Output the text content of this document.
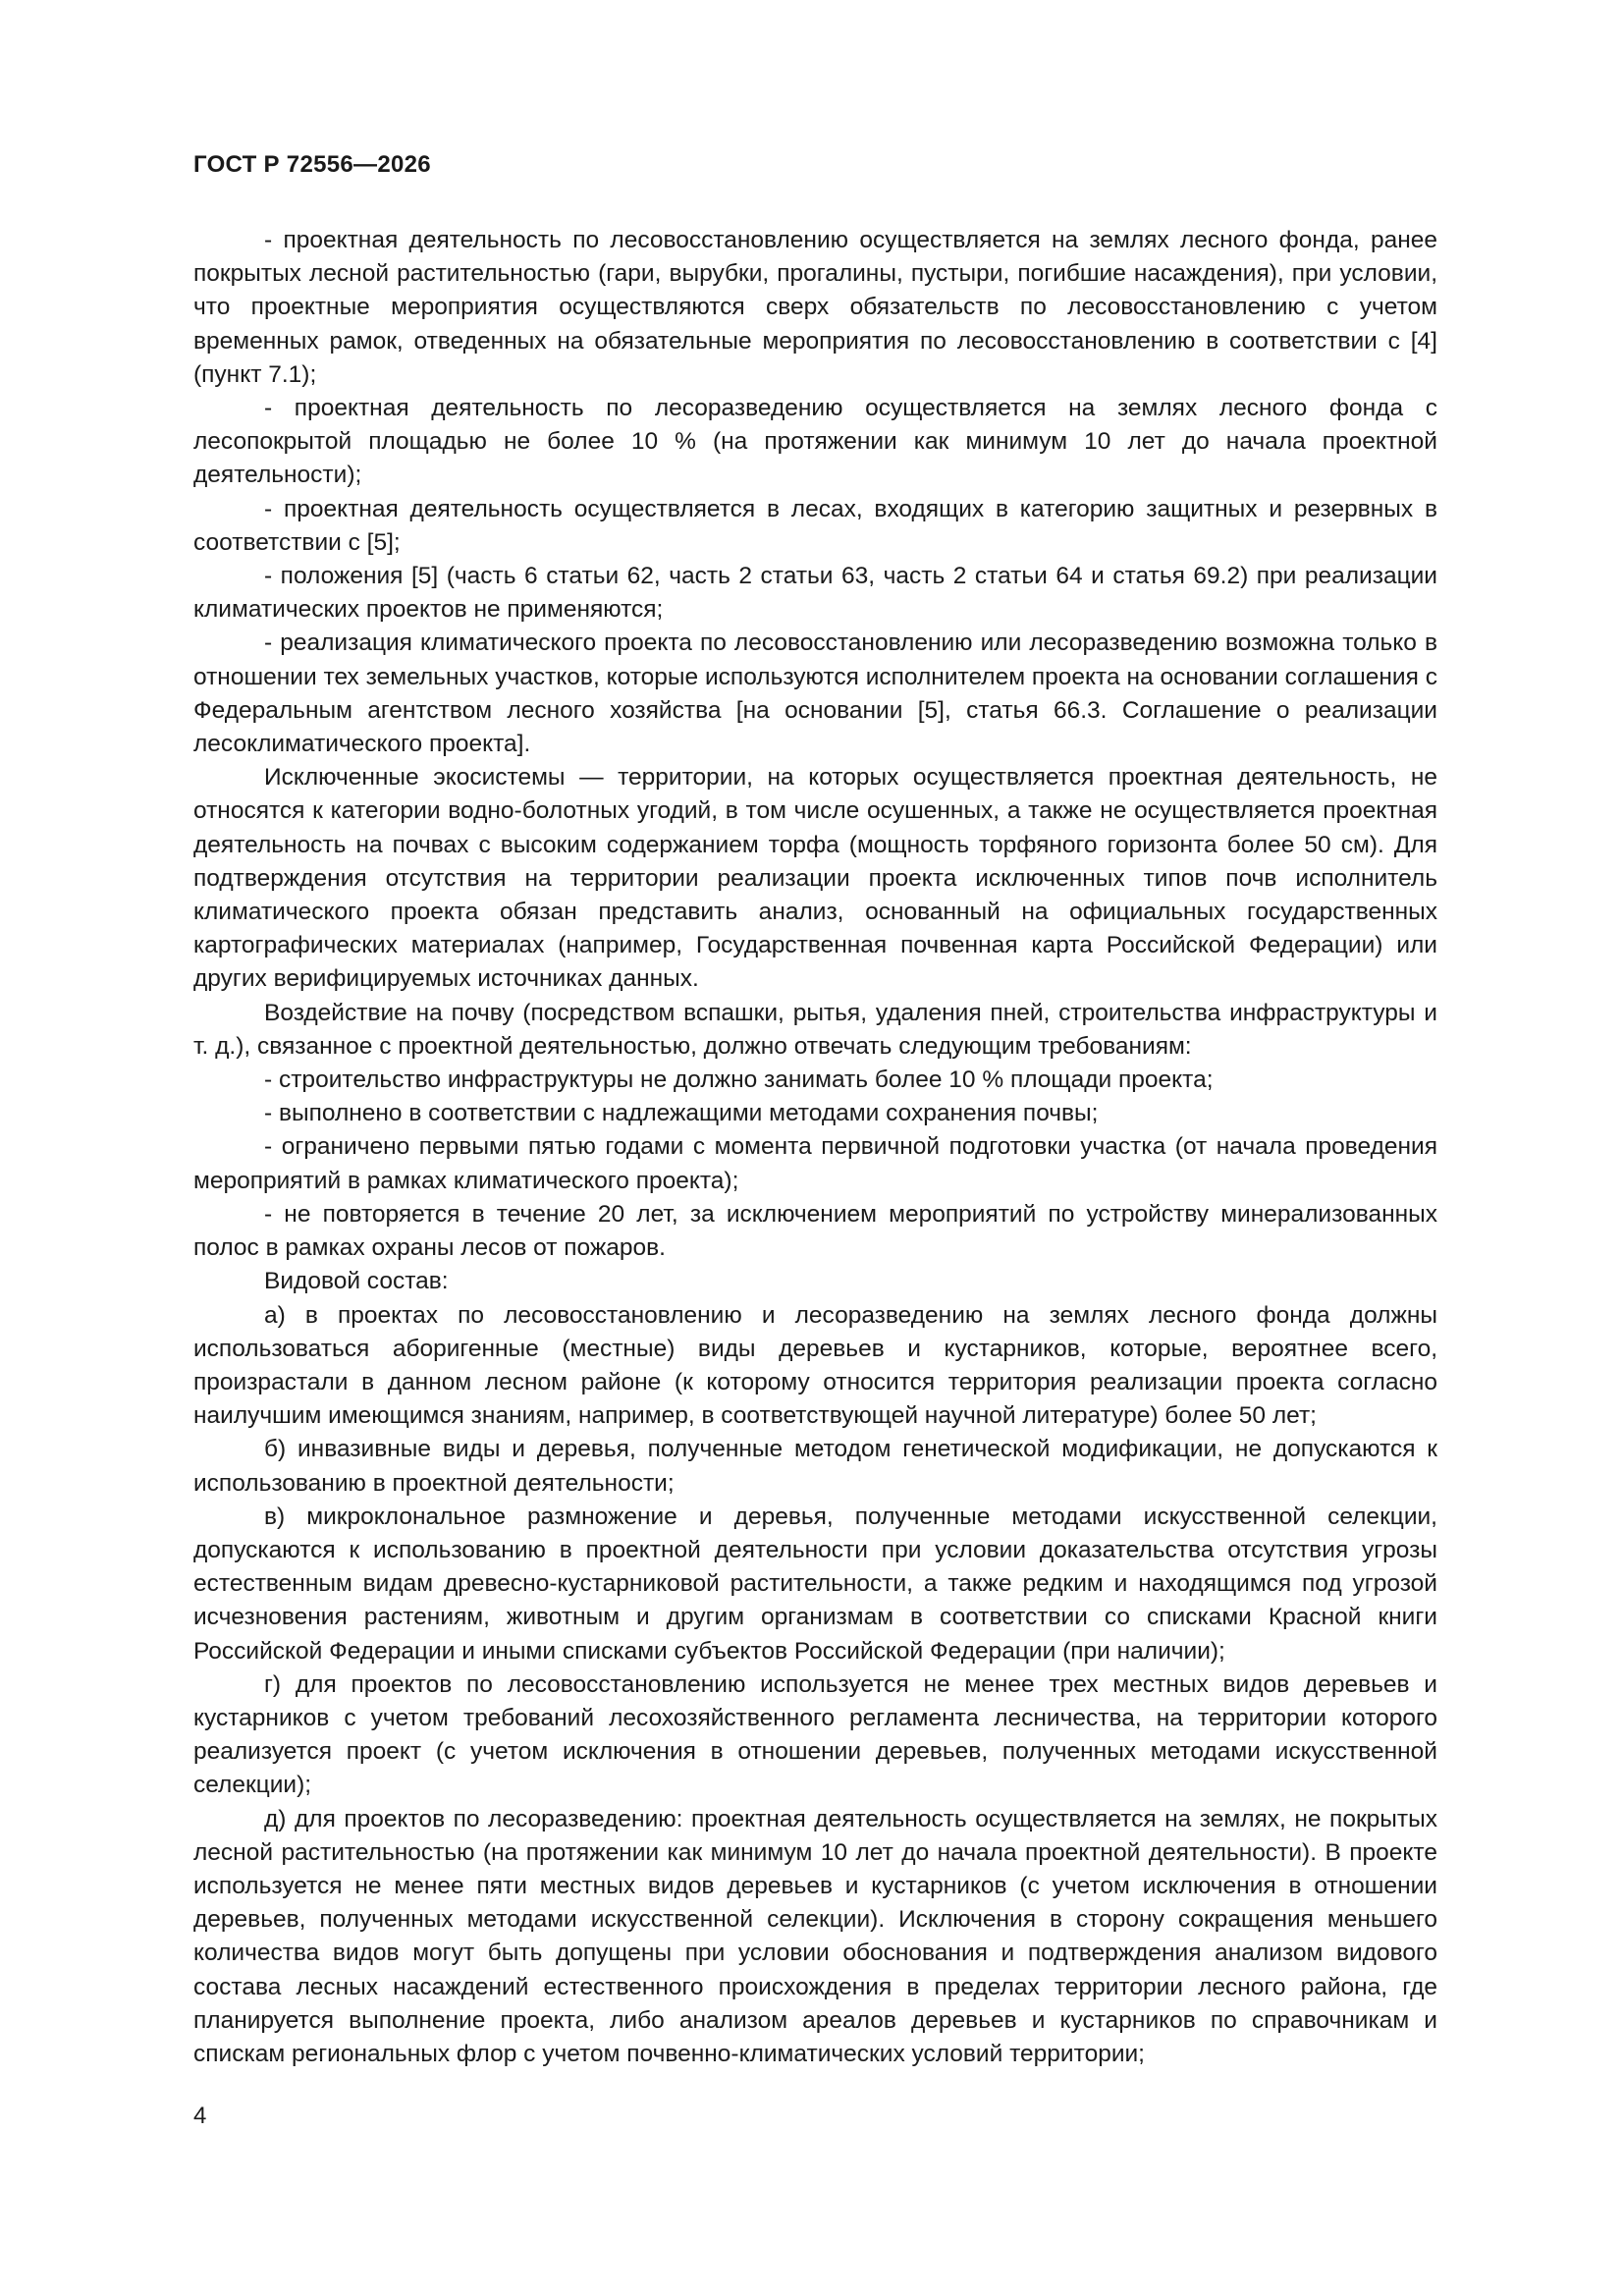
ГОСТ Р 72556—2026

- проектная деятельность по лесовосстановлению осуществляется на землях лесного фонда, ранее покрытых лесной растительностью (гари, вырубки, прогалины, пустыри, погибшие насаждения), при условии, что проектные мероприятия осуществляются сверх обязательств по лесовосстановлению с учетом временных рамок, отведенных на обязательные мероприятия по лесовосстановлению в соответствии с [4] (пункт 7.1);

- проектная деятельность по лесоразведению осуществляется на землях лесного фонда с лесопокрытой площадью не более 10 % (на протяжении как минимум 10 лет до начала проектной деятельности);

- проектная деятельность осуществляется в лесах, входящих в категорию защитных и резервных в соответствии с [5];

- положения [5] (часть 6 статьи 62, часть 2 статьи 63, часть 2 статьи 64 и статья 69.2) при реализации климатических проектов не применяются;

- реализация климатического проекта по лесовосстановлению или лесоразведению возможна только в отношении тех земельных участков, которые используются исполнителем проекта на основании соглашения с Федеральным агентством лесного хозяйства [на основании [5], статья 66.3. Соглашение о реализации лесоклиматического проекта].

Исключенные экосистемы — территории, на которых осуществляется проектная деятельность, не относятся к категории водно-болотных угодий, в том числе осушенных, а также не осуществляется проектная деятельность на почвах с высоким содержанием торфа (мощность торфяного горизонта более 50 см). Для подтверждения отсутствия на территории реализации проекта исключенных типов почв исполнитель климатического проекта обязан представить анализ, основанный на официальных государственных картографических материалах (например, Государственная почвенная карта Российской Федерации) или других верифицируемых источниках данных.

Воздействие на почву (посредством вспашки, рытья, удаления пней, строительства инфраструктуры и т. д.), связанное с проектной деятельностью, должно отвечать следующим требованиям:

- строительство инфраструктуры не должно занимать более 10 % площади проекта;

- выполнено в соответствии с надлежащими методами сохранения почвы;

- ограничено первыми пятью годами с момента первичной подготовки участка (от начала проведения мероприятий в рамках климатического проекта);

- не повторяется в течение 20 лет, за исключением мероприятий по устройству минерализованных полос в рамках охраны лесов от пожаров.

Видовой состав:

а) в проектах по лесовосстановлению и лесоразведению на землях лесного фонда должны использоваться аборигенные (местные) виды деревьев и кустарников, которые, вероятнее всего, произрастали в данном лесном районе (к которому относится территория реализации проекта согласно наилучшим имеющимся знаниям, например, в соответствующей научной литературе) более 50 лет;

б) инвазивные виды и деревья, полученные методом генетической модификации, не допускаются к использованию в проектной деятельности;

в) микроклональное размножение и деревья, полученные методами искусственной селекции, допускаются к использованию в проектной деятельности при условии доказательства отсутствия угрозы естественным видам древесно-кустарниковой растительности, а также редким и находящимся под угрозой исчезновения растениям, животным и другим организмам в соответствии со списками Красной книги Российской Федерации и иными списками субъектов Российской Федерации (при наличии);

г) для проектов по лесовосстановлению используется не менее трех местных видов деревьев и кустарников с учетом требований лесохозяйственного регламента лесничества, на территории которого реализуется проект (с учетом исключения в отношении деревьев, полученных методами искусственной селекции);

д) для проектов по лесоразведению: проектная деятельность осуществляется на землях, не покрытых лесной растительностью (на протяжении как минимум 10 лет до начала проектной деятельности). В проекте используется не менее пяти местных видов деревьев и кустарников (с учетом исключения в отношении деревьев, полученных методами искусственной селекции). Исключения в сторону сокращения меньшего количества видов могут быть допущены при условии обоснования и подтверждения анализом видового состава лесных насаждений естественного происхождения в пределах территории лесного района, где планируется выполнение проекта, либо анализом ареалов деревьев и кустарников по справочникам и спискам региональных флор с учетом почвенно-климатических условий территории;

4
